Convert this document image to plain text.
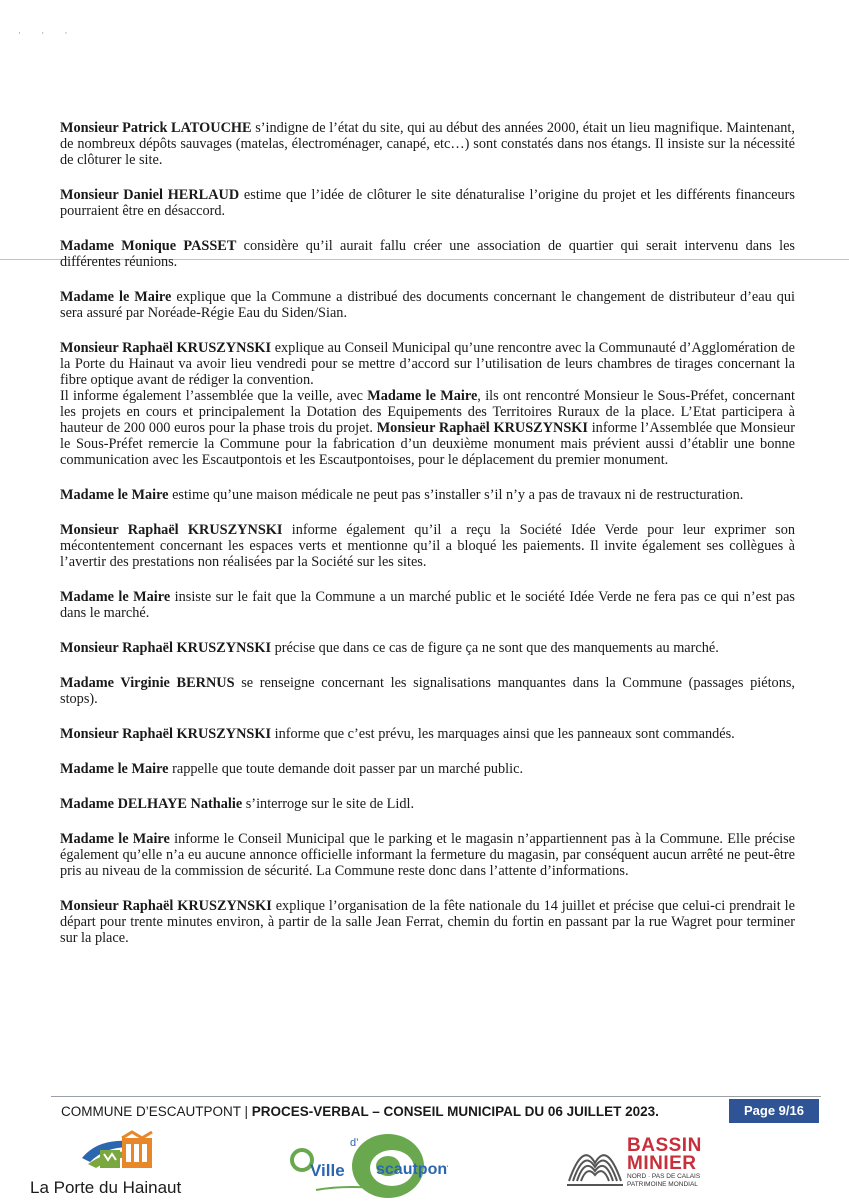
· · ·

Monsieur Patrick LATOUCHE s’indigne de l’état du site, qui au début des années 2000, était un lieu magnifique. Maintenant, de nombreux dépôts sauvages (matelas, électroménager, canapé, etc…) sont constatés dans nos étangs. Il insiste sur la nécessité de clôturer le site.

Monsieur Daniel HERLAUD estime que l’idée de clôturer le site dénaturalise l’origine du projet et les différents financeurs pourraient être en désaccord.

Madame Monique PASSET considère qu’il aurait fallu créer une association de quartier qui serait intervenu dans les différentes réunions.

Madame le Maire explique que la Commune a distribué des documents concernant le changement de distributeur d’eau qui sera assuré par Noréade-Régie Eau du Siden/Sian.

Monsieur Raphaël KRUSZYNSKI explique au Conseil Municipal qu’une rencontre avec la Communauté d’Agglomération de la Porte du Hainaut va avoir lieu vendredi pour se mettre d’accord sur l’utilisation de leurs chambres de tirages concernant la fibre optique avant de rédiger la convention.
Il informe également l’assemblée que la veille, avec Madame le Maire, ils ont rencontré Monsieur le Sous-Préfet, concernant les projets en cours et principalement la Dotation des Equipements des Territoires Ruraux de la place. L’Etat participera à hauteur de 200 000 euros pour la phase trois du projet. Monsieur Raphaël KRUSZYNSKI informe l’Assemblée que Monsieur le Sous-Préfet remercie la Commune pour la fabrication d’un deuxième monument mais prévient aussi d’établir une bonne communication avec les Escautpontois et les Escautpontoises, pour le déplacement du premier monument.

Madame le Maire estime qu’une maison médicale ne peut pas s’installer s’il n’y a pas de travaux ni de restructuration.

Monsieur Raphaël KRUSZYNSKI informe également qu’il a reçu la Société Idée Verde pour leur exprimer son mécontentement concernant les espaces verts et mentionne qu’il a bloqué les paiements. Il invite également ses collègues à l’avertir des prestations non réalisées par la Société sur les sites.

Madame le Maire insiste sur le fait que la Commune a un marché public et le société Idée Verde ne fera pas ce qui n’est pas dans le marché.

Monsieur Raphaël KRUSZYNSKI précise que dans ce cas de figure ça ne sont que des manquements au marché.

Madame Virginie BERNUS se renseigne concernant les signalisations manquantes dans la Commune (passages piétons, stops).

Monsieur Raphaël KRUSZYNSKI informe que c’est prévu, les marquages ainsi que les panneaux sont commandés.

Madame le Maire rappelle que toute demande doit passer par un marché public.

Madame DELHAYE Nathalie s’interroge sur le site de Lidl.

Madame le Maire informe le Conseil Municipal que le parking et le magasin n’appartiennent pas à la Commune. Elle précise également qu’elle n’a eu aucune annonce officielle informant la fermeture du magasin, par conséquent aucun arrêté ne peut-être pris au niveau de la commission de sécurité. La Commune reste donc dans l’attente d’informations.

Monsieur Raphaël KRUSZYNSKI explique l’organisation de la fête nationale du 14 juillet et précise que celui-ci prendrait le départ pour trente minutes environ, à partir de la salle Jean Ferrat, chemin du fortin en passant par la rue Wagret pour terminer sur la place.

COMMUNE D’ESCAUTPONT | PROCES-VERBAL – CONSEIL MUNICIPAL DU 06 JUILLET 2023.	Page 9/16
La Porte du Hainaut
Ville
d’
scautpont
BASSIN
MINIER
NORD · PAS DE CALAIS
PATRIMOINE MONDIAL
